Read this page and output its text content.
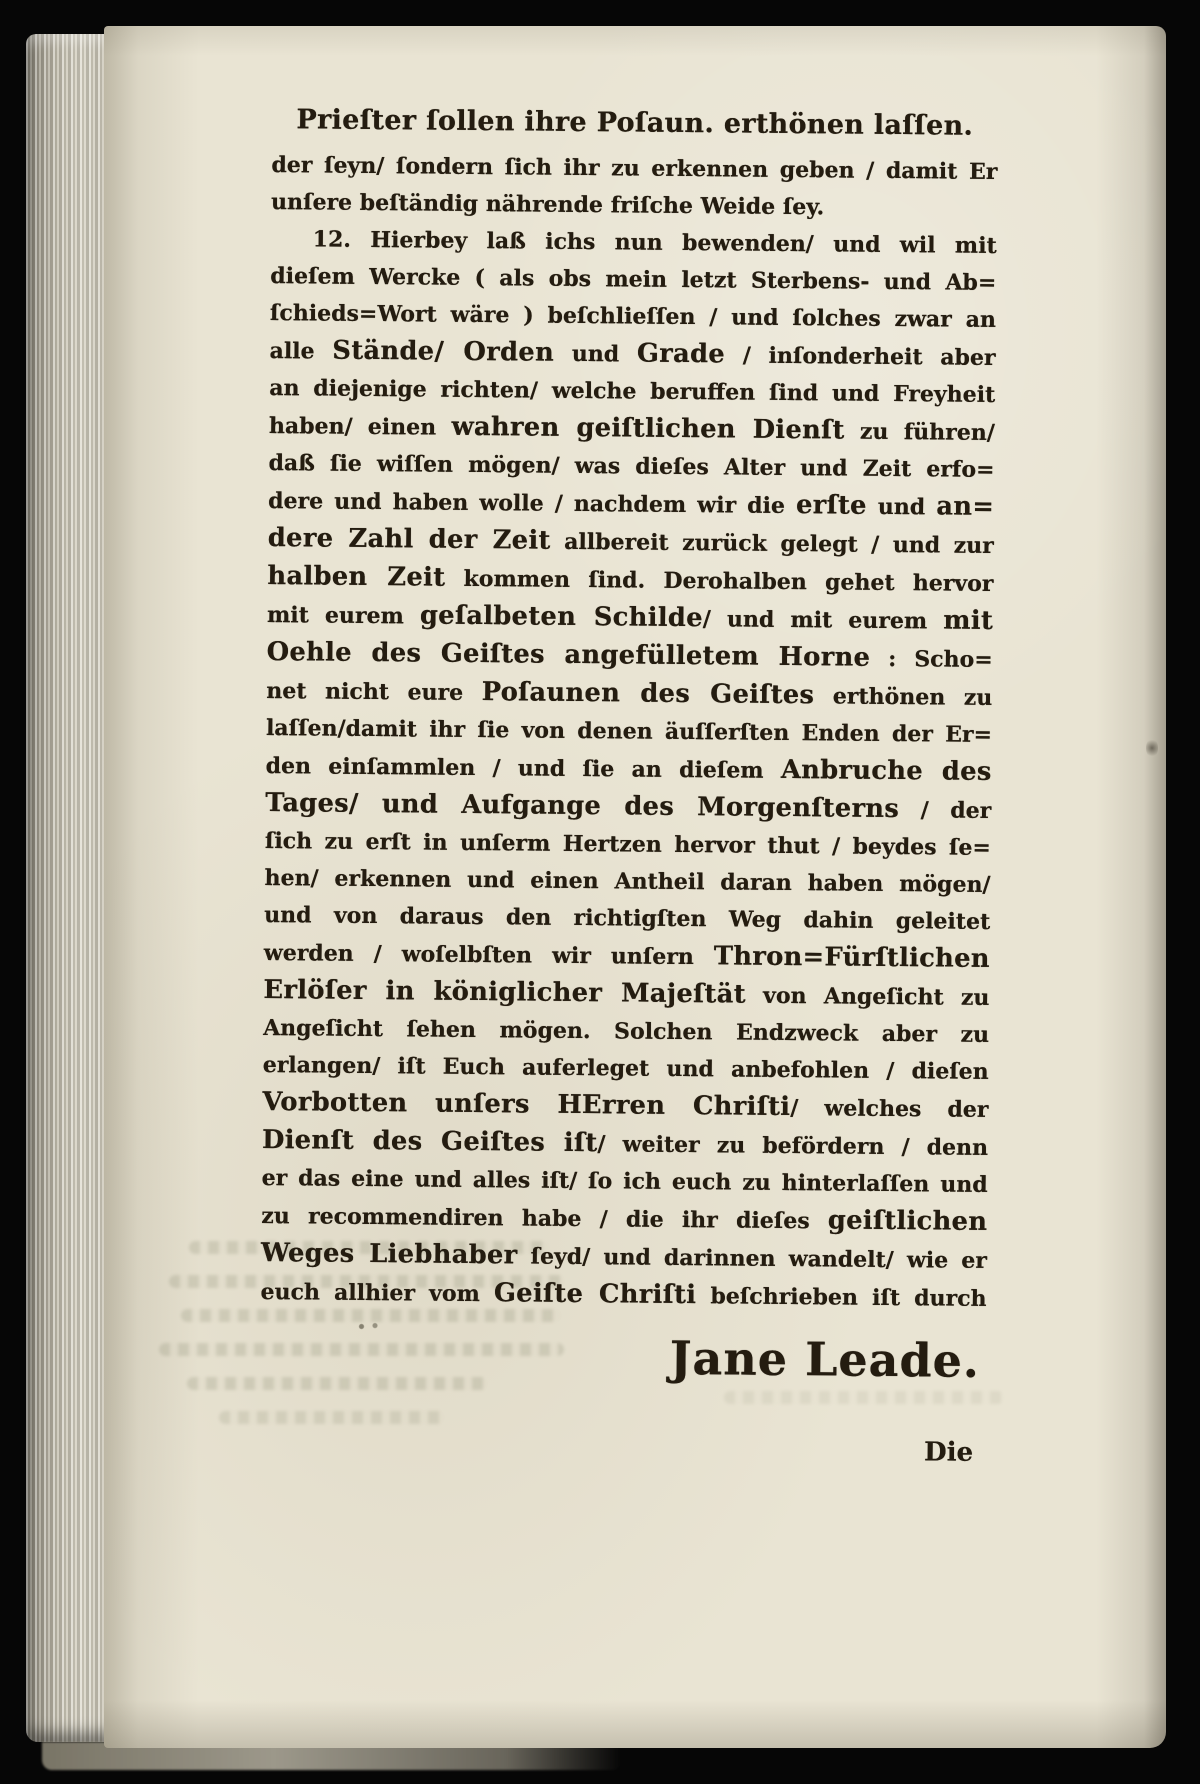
Prieſter ſollen ihre Poſaun. erthönen laſſen.
der ſeyn/ ſondern ſich ihr zu erkennen geben / damit Er
unſere beſtändig nährende friſche Weide ſey.
12. Hierbey laß ichs nun bewenden/ und wil mit
dieſem Wercke ( als obs mein letzt Sterbens- und Ab=
ſchieds=Wort wäre ) beſchlieſſen / und ſolches zwar an
alle Stände/ Orden und Grade / inſonderheit aber
an diejenige richten/ welche beruffen ſind und Freyheit
haben/ einen wahren geiſtlichen Dienſt zu führen/
daß ſie wiſſen mögen/ was dieſes Alter und Zeit erfo=
dere und haben wolle / nachdem wir die erſte und an=
dere Zahl der Zeit allbereit zurück gelegt / und zur
halben Zeit kommen ſind. Derohalben gehet hervor
mit eurem geſalbeten Schilde/ und mit eurem mit
Oehle des Geiſtes angefülletem Horne : Scho=
net nicht eure Poſaunen des Geiſtes erthönen zu
laſſen/damit ihr ſie von denen äuſſerſten Enden der Er=
den einſammlen / und ſie an dieſem Anbruche des
Tages/ und Aufgange des Morgenſterns / der
ſich zu erſt in unſerm Hertzen hervor thut / beydes ſe=
hen/ erkennen und einen Antheil daran haben mögen/
und von daraus den richtigſten Weg dahin geleitet
werden / woſelbſten wir unſern Thron=Fürſtlichen
Erlöſer in königlicher Majeſtät von Angeſicht zu
Angeſicht ſehen mögen. Solchen Endzweck aber zu
erlangen/ iſt Euch auferleget und anbefohlen / dieſen
Vorbotten unſers HErren Chriſti/ welches der
Dienſt des Geiſtes iſt/ weiter zu befördern / denn
er das eine und alles iſt/ ſo ich euch zu hinterlaſſen und
zu recommendiren habe / die ihr dieſes geiſtlichen
Weges Liebhaber ſeyd/ und darinnen wandelt/ wie er
euch allhier vom Geiſte Chriſti beſchrieben iſt durch
Jane Leade.
Die
